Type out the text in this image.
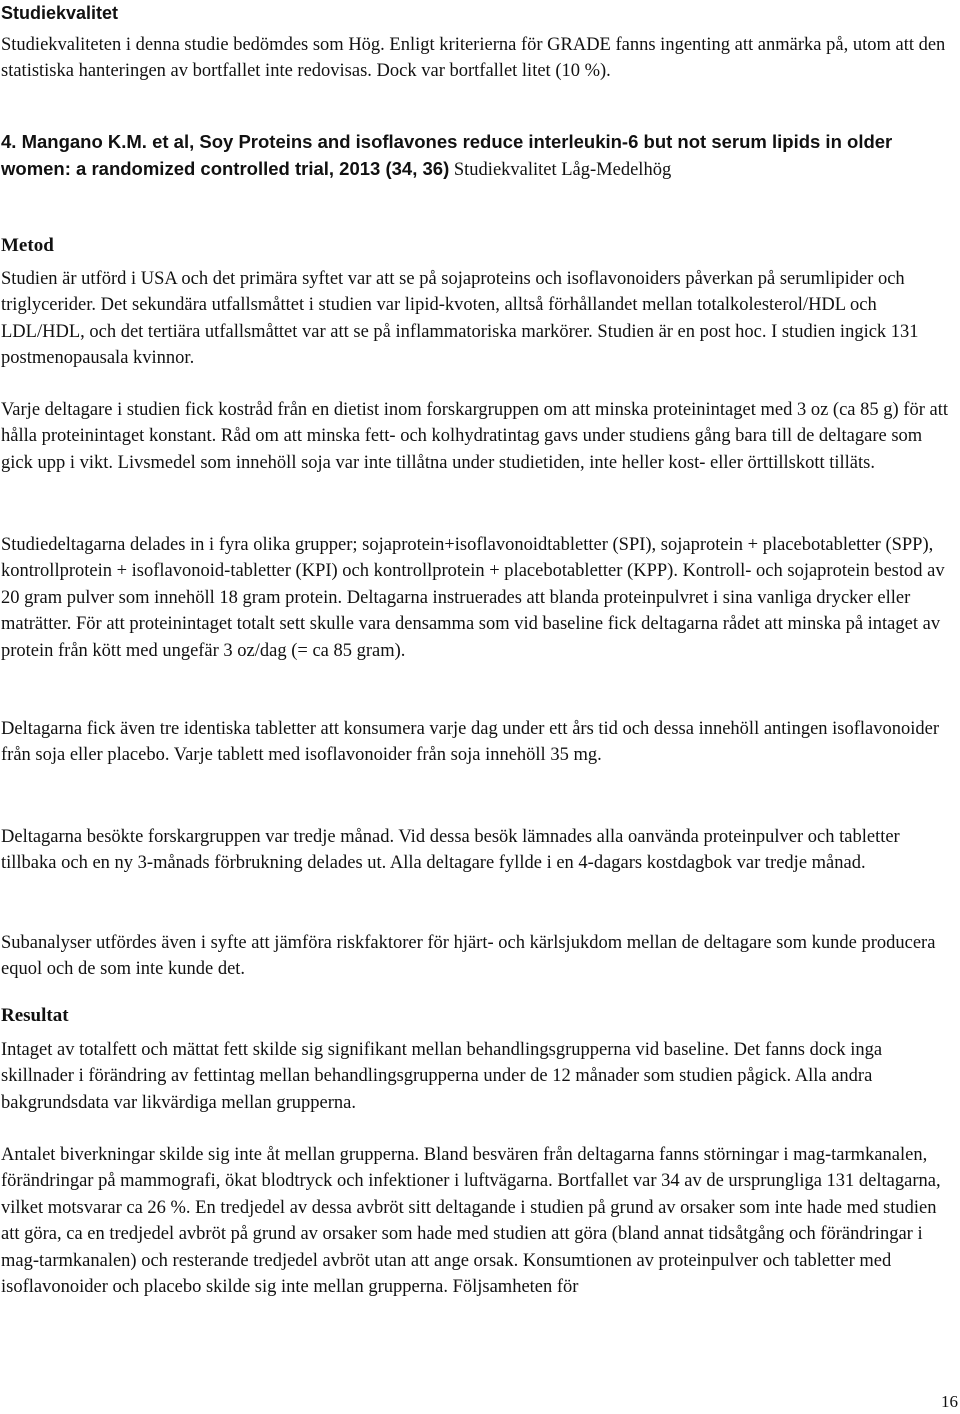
Studiekvalitet

Studiekvaliteten i denna studie bedömdes som Hög. Enligt kriterierna för GRADE fanns ingenting att anmärka på, utom att den statistiska hanteringen av bortfallet inte redovisas. Dock var bortfallet litet (10 %).

4. Mangano K.M. et al, Soy Proteins and isoflavones reduce interleukin-6 but not serum lipids in older women: a randomized controlled trial, 2013 (34, 36) Studiekvalitet Låg-Medelhög

Metod

Studien är utförd i USA och det primära syftet var att se på sojaproteins och isoflavonoiders påverkan på serumlipider och triglycerider. Det sekundära utfallsmåttet i studien var lipid-kvoten, alltså förhållandet mellan totalkolesterol/HDL och LDL/HDL, och det tertiära utfallsmåttet var att se på inflammatoriska markörer. Studien är en post hoc. I studien ingick 131 postmenopausala kvinnor.

Varje deltagare i studien fick kostråd från en dietist inom forskargruppen om att minska proteinintaget med 3 oz (ca 85 g) för att hålla proteinintaget konstant. Råd om att minska fett- och kolhydratintag gavs under studiens gång bara till de deltagare som gick upp i vikt. Livsmedel som innehöll soja var inte tillåtna under studietiden, inte heller kost- eller örttillskott tilläts.

Studiedeltagarna delades in i fyra olika grupper; sojaprotein+isoflavonoidtabletter (SPI), sojaprotein + placebotabletter (SPP), kontrollprotein + isoflavonoid-tabletter (KPI) och kontrollprotein + placebotabletter (KPP). Kontroll- och sojaprotein bestod av 20 gram pulver som innehöll 18 gram protein. Deltagarna instruerades att blanda proteinpulvret i sina vanliga drycker eller maträtter. För att proteinintaget totalt sett skulle vara densamma som vid baseline fick deltagarna rådet att minska på intaget av protein från kött med ungefär 3 oz/dag (= ca 85 gram).

Deltagarna fick även tre identiska tabletter att konsumera varje dag under ett års tid och dessa innehöll antingen isoflavonoider från soja eller placebo. Varje tablett med isoflavonoider från soja innehöll 35 mg.

Deltagarna besökte forskargruppen var tredje månad. Vid dessa besök lämnades alla oanvända proteinpulver och tabletter tillbaka och en ny 3-månads förbrukning delades ut. Alla deltagare fyllde i en 4-dagars kostdagbok var tredje månad.

Subanalyser utfördes även i syfte att jämföra riskfaktorer för hjärt- och kärlsjukdom mellan de deltagare som kunde producera equol och de som inte kunde det.

Resultat

Intaget av totalfett och mättat fett skilde sig signifikant mellan behandlingsgrupperna vid baseline. Det fanns dock inga skillnader i förändring av fettintag mellan behandlingsgrupperna under de 12 månader som studien pågick. Alla andra bakgrundsdata var likvärdiga mellan grupperna.

Antalet biverkningar skilde sig inte åt mellan grupperna. Bland besvären från deltagarna fanns störningar i mag-tarmkanalen, förändringar på mammografi, ökat blodtryck och infektioner i luftvägarna. Bortfallet var 34 av de ursprungliga 131 deltagarna, vilket motsvarar ca 26 %. En tredjedel av dessa avbröt sitt deltagande i studien på grund av orsaker som inte hade med studien att göra, ca en tredjedel avbröt på grund av orsaker som hade med studien att göra (bland annat tidsåtgång och förändringar i mag-tarmkanalen) och resterande tredjedel avbröt utan att ange orsak. Konsumtionen av proteinpulver och tabletter med isoflavonoider och placebo skilde sig inte mellan grupperna. Följsamheten för

16
